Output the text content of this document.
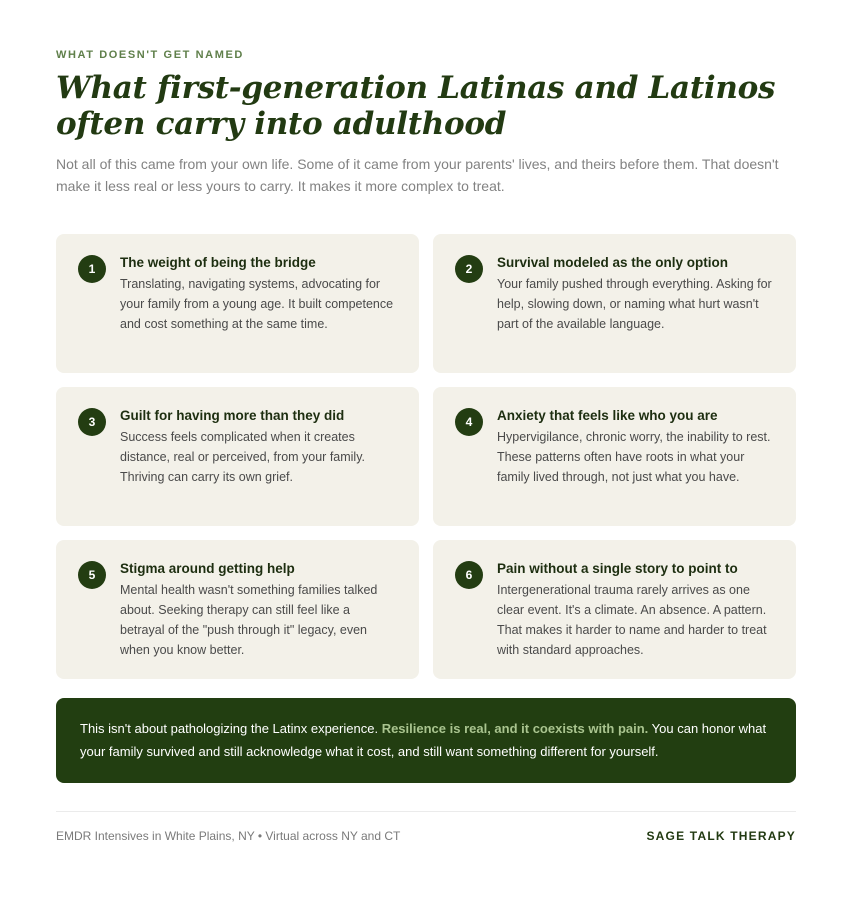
WHAT DOESN'T GET NAMED
What first-generation Latinas and Latinos often carry into adulthood

Not all of this came from your own life. Some of it came from your parents' lives, and theirs before them. That doesn't make it less real or less yours to carry. It makes it more complex to treat.

1	The weight of being the bridge

Translating, navigating systems, advocating for your family from a young age. It built competence and cost something at the same time.

2	Survival modeled as the only option

Your family pushed through everything. Asking for help, slowing down, or naming what hurt wasn't part of the available language.

3	Guilt for having more than they did

Success feels complicated when it creates distance, real or perceived, from your family. Thriving can carry its own grief.

4	Anxiety that feels like who you are

Hypervigilance, chronic worry, the inability to rest. These patterns often have roots in what your family lived through, not just what you have.

5	Stigma around getting help

Mental health wasn't something families talked about. Seeking therapy can still feel like a betrayal of the "push through it" legacy, even when you know better.

6	Pain without a single story to point to

Intergenerational trauma rarely arrives as one clear event. It's a climate. An absence. A pattern. That makes it harder to name and harder to treat with standard approaches.

This isn't about pathologizing the Latinx experience. Resilience is real, and it coexists with pain. You can honor what your family survived and still acknowledge what it cost, and still want something different for yourself.
EMDR Intensives in White Plains, NY • Virtual across NY and CT	SAGE TALK THERAPY
